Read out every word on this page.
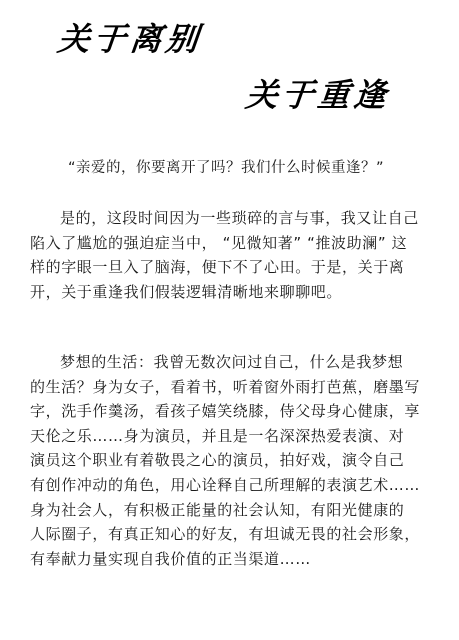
关于离别
关于重逢

“亲爱的，你要离开了吗？我们什么时候重逢？”

是的，这段时间因为一些琐碎的言与事，我又让自己
陷入了尴尬的强迫症当中， “见微知著” “推波助澜” 这
样的字眼一旦入了脑海，便下不了心田。于是，关于离
开，关于重逢我们假装逻辑清晰地来聊聊吧。
梦想的生活：我曾无数次问过自己，什么是我梦想
的生活？身为女子，看着书，听着窗外雨打芭蕉，磨墨写
字，洗手作羹汤，看孩子嬉笑绕膝，侍父母身心健康，享
天伦之乐……身为演员，并且是一名深深热爱表演、对
演员这个职业有着敬畏之心的演员，拍好戏，演令自己
有创作冲动的角色，用心诠释自己所理解的表演艺术……
身为社会人，有积极正能量的社会认知，有阳光健康的
人际圈子，有真正知心的好友，有坦诚无畏的社会形象，
有奉献力量实现自我价值的正当渠道……
